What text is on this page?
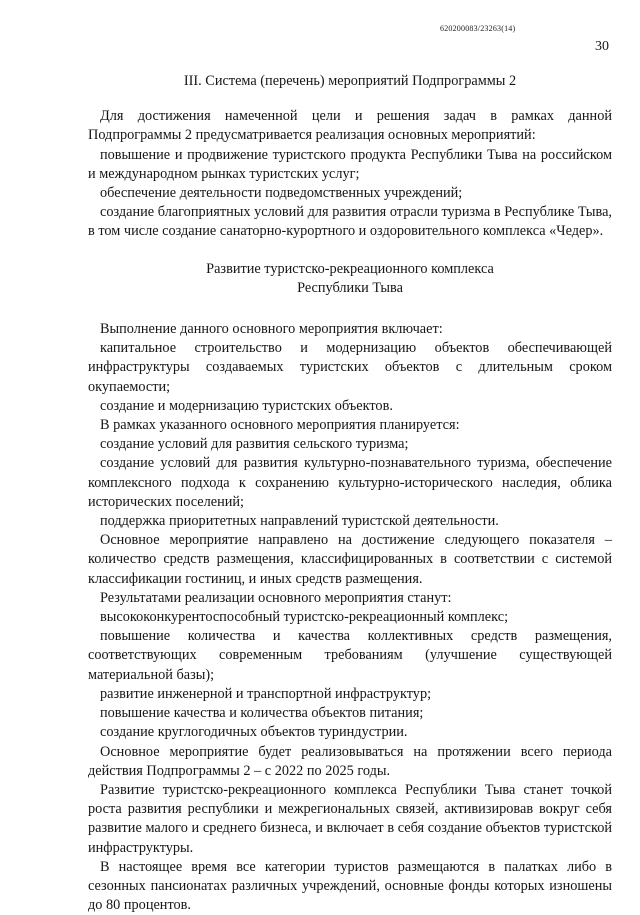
620200083/23263(14)
30
III. Система (перечень) мероприятий Подпрограммы 2

Для достижения намеченной цели и решения задач в рамках данной Подпрограммы 2 предусматривается реализация основных мероприятий:

повышение и продвижение туристского продукта Республики Тыва на российском и международном рынках туристских услуг;

обеспечение деятельности подведомственных учреждений;

создание благоприятных условий для развития отрасли туризма в Республике Тыва, в том числе создание санаторно-курортного и оздоровительного комплекса «Чедер».

Развитие туристско-рекреационного комплекса
Республики Тыва

Выполнение данного основного мероприятия включает:

капитальное строительство и модернизацию объектов обеспечивающей инфраструктуры создаваемых туристских объектов с длительным сроком окупаемости;

создание и модернизацию туристских объектов.

В рамках указанного основного мероприятия планируется:

создание условий для развития сельского туризма;

создание условий для развития культурно-познавательного туризма, обеспечение комплексного подхода к сохранению культурно-исторического наследия, облика исторических поселений;

поддержка приоритетных направлений туристской деятельности.

Основное мероприятие направлено на достижение следующего показателя – количество средств размещения, классифицированных в соответствии с системой классификации гостиниц, и иных средств размещения.

Результатами реализации основного мероприятия станут:

высококонкурентоспособный туристско-рекреационный комплекс;

повышение количества и качества коллективных средств размещения, соответствующих современным требованиям (улучшение существующей материальной базы);

развитие инженерной и транспортной инфраструктур;

повышение качества и количества объектов питания;

создание круглогодичных объектов туриндустрии.

Основное мероприятие будет реализовываться на протяжении всего периода действия Подпрограммы 2 – с 2022 по 2025 годы.

Развитие туристско-рекреационного комплекса Республики Тыва станет точкой роста развития республики и межрегиональных связей, активизировав вокруг себя развитие малого и среднего бизнеса, и включает в себя создание объектов туристской инфраструктуры.

В настоящее время все категории туристов размещаются в палатках либо в сезонных пансионатах различных учреждений, основные фонды которых изношены до 80 процентов.
